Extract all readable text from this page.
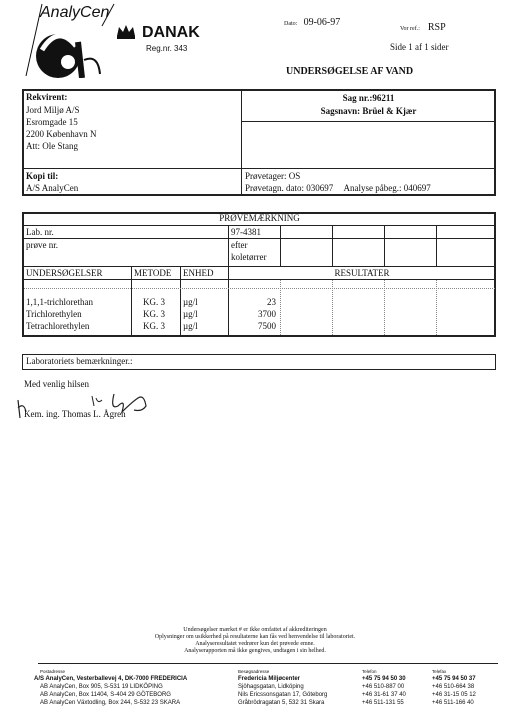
AnalyCen
DANAK
Reg.nr. 343
Dato: 09-06-97
Vor ref.: RSP
Side 1 af 1 sider
UNDERSØGELSE AF VAND
Rekvirent:
Jord Miljø A/S
Esromgade 15
2200 København N
Att: Ole Stang
Sag nr.:96211
Sagsnavn: Brüel & Kjær
Kopi til:
A/S AnalyCen
Prøvetager: OS
Prøvetagn. dato: 030697 Analyse påbeg.: 040697
PRØVEMÆRKNING
Lab. nr.	97-4381
prøve nr.	efter
koletørrer
UNDERSØGELSER	METODE ENHED	RESULTATER
1,1,1-trichlorethan	KG. 3 µg/l	23
Trichlorethylen	KG. 3 µg/l	3700
Tetrachlorethylen	KG. 3 µg/l	7500
Laboratoriets bemærkninger.:
Med venlig hilsen
Kem. ing. Thomas L. Ågren
Undersøgelser mærket # er ikke omfattet af akkrediteringen
Oplysninger om usikkerhed på resultaterne kan fås ved henvendelse til laboratoriet.
Analyseresultatet vedrører kun det prøvede emne.
Analyserapporten må ikke gengives, undtagen i sin helhed.
Postadresse	Besøgsadresse	Telefon	Telefax
A/S AnalyCen, Vesterballevej 4, DK-7000 FREDERICIA	Fredericia Miljøcenter	+45 75 94 50 30	+45 75 94 50 37
AB AnalyCen, Box 905, S-531 19 LIDKÖPING	Sjöhagsgatan, Lidköping	+46 510-887 00	+46 510-664 38
AB AnalyCen, Box 11404, S-404 29 GÖTEBORG	Nils Ericssonsgatan 17, Göteborg	+46 31-61 37 40	+46 31-15 05 12
AB AnalyCen Växtodling, Box 244, S-532 23 SKARA	Gråbrödragatan 5, 532 31 Skara	+46 511-131 55	+46 511-166 40
